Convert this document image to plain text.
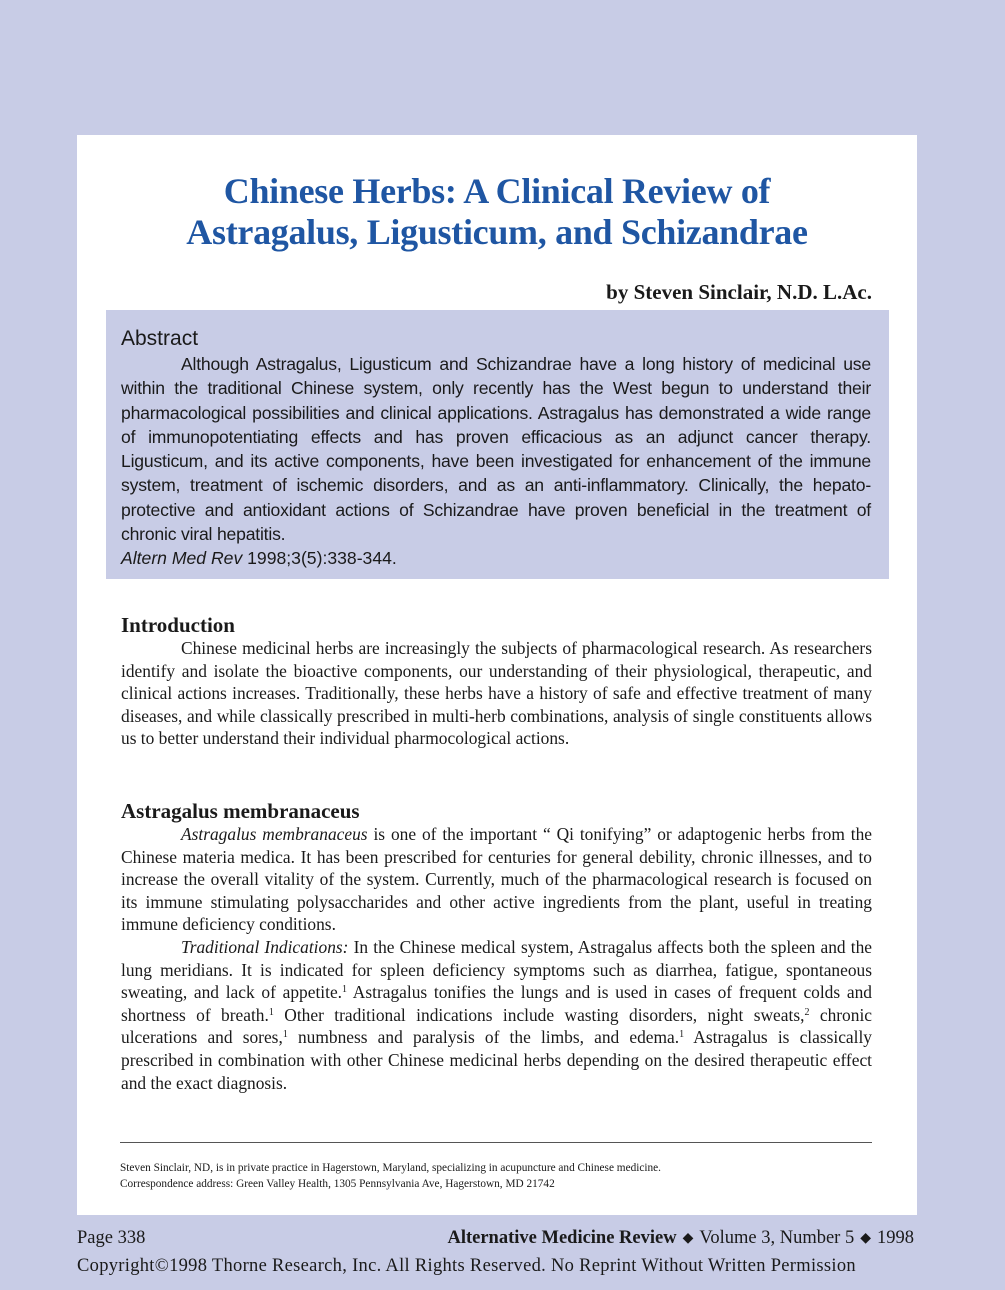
Chinese Herbs: A Clinical Review of
Astragalus, Ligusticum, and Schizandrae

by Steven Sinclair, N.D. L.Ac.

Abstract

Although Astragalus, Ligusticum and Schizandrae have a long history of medicinal use within the traditional Chinese system, only recently has the West begun to understand their pharmacological possibilities and clinical applications. Astragalus has demonstrated a wide range of immunopotentiating effects and has proven efficacious as an adjunct cancer therapy. Ligusticum, and its active components, have been investigated for enhancement of the immune system, treatment of ischemic disorders, and as an anti-inflammatory. Clinically, the hepato-protective and antioxidant actions of Schizandrae have proven beneficial in the treatment of chronic viral hepatitis.

Altern Med Rev 1998;3(5):338-344.
Introduction

Chinese medicinal herbs are increasingly the subjects of pharmacological research. As researchers identify and isolate the bioactive components, our understanding of their physiological, therapeutic, and clinical actions increases. Traditionally, these herbs have a history of safe and effective treatment of many diseases, and while classically prescribed in multi-herb combinations, analysis of single constituents allows us to better understand their individual pharmocological actions.

Astragalus membranaceus

Astragalus membranaceus is one of the important “ Qi tonifying” or adaptogenic herbs from the Chinese materia medica. It has been prescribed for centuries for general debility, chronic illnesses, and to increase the overall vitality of the system. Currently, much of the pharmacological research is focused on its immune stimulating polysaccharides and other active ingredients from the plant, useful in treating immune deficiency conditions.

Traditional Indications: In the Chinese medical system, Astragalus affects both the spleen and the lung meridians. It is indicated for spleen deficiency symptoms such as diarrhea, fatigue, spontaneous sweating, and lack of appetite.$^1$ Astragalus tonifies the lungs and is used in cases of frequent colds and shortness of breath.$^1$ Other traditional indications include wasting disorders, night sweats,$^2$ chronic ulcerations and sores,$^1$ numbness and paralysis of the limbs, and edema.$^1$ Astragalus is classically prescribed in combination with other Chinese medicinal herbs depending on the desired therapeutic effect and the exact diagnosis.

Steven Sinclair, ND, is in private practice in Hagerstown, Maryland, specializing in acupuncture and Chinese medicine.
Correspondence address: Green Valley Health, 1305 Pennsylvania Ave, Hagerstown, MD 21742

Page 338	Alternative Medicine Review ◆ Volume 3, Number 5 ◆ 1998

Copyright©1998 Thorne Research, Inc. All Rights Reserved. No Reprint Without Written Permission
